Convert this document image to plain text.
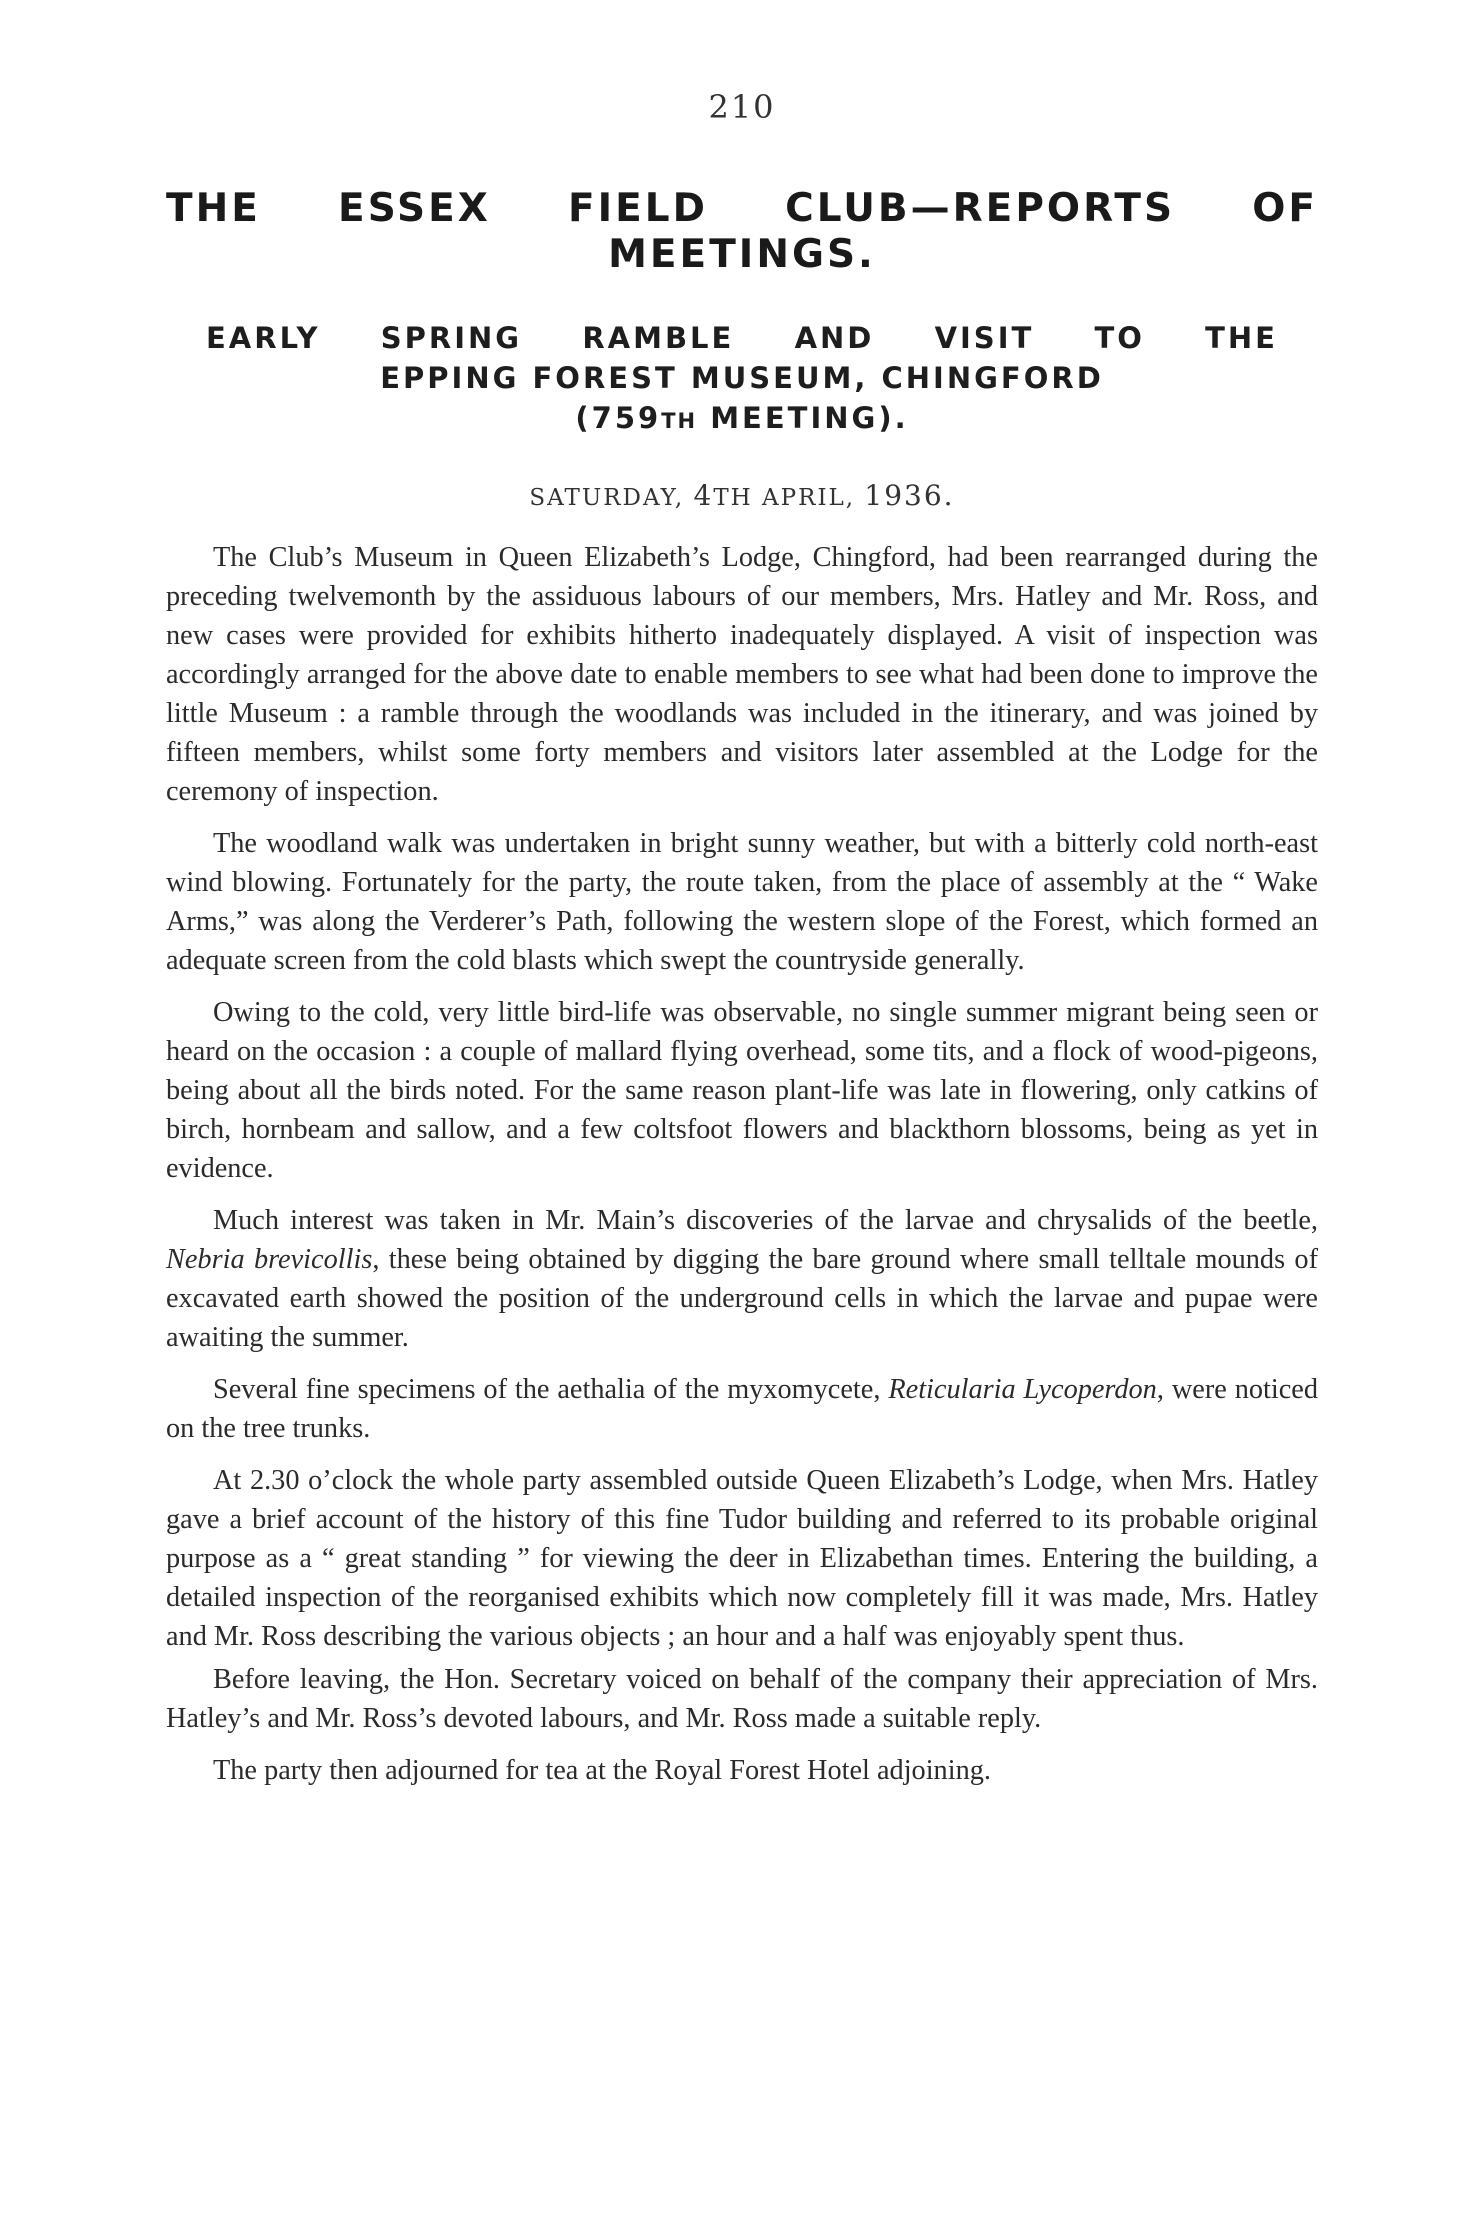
210
THE ESSEX FIELD CLUB—REPORTS OF
MEETINGS.
EARLY SPRING RAMBLE AND VISIT TO THE
EPPING FOREST MUSEUM, CHINGFORD
(759TH MEETING).
SATURDAY, 4TH APRIL, 1936.

The Club’s Museum in Queen Elizabeth’s Lodge, Chingford, had been rearranged during the preceding twelvemonth by the assiduous labours of our members, Mrs. Hatley and Mr. Ross, and new cases were provided for exhibits hitherto inadequately displayed. A visit of inspection was accordingly arranged for the above date to enable members to see what had been done to improve the little Museum : a ramble through the woodlands was included in the itinerary, and was joined by fifteen members, whilst some forty members and visitors later assembled at the Lodge for the ceremony of inspection.

The woodland walk was undertaken in bright sunny weather, but with a bitterly cold north-east wind blowing. Fortunately for the party, the route taken, from the place of assembly at the “ Wake Arms,” was along the Verderer’s Path, following the western slope of the Forest, which formed an adequate screen from the cold blasts which swept the countryside generally.

Owing to the cold, very little bird-life was observable, no single summer migrant being seen or heard on the occasion : a couple of mallard flying overhead, some tits, and a flock of wood-pigeons, being about all the birds noted. For the same reason plant-life was late in flowering, only catkins of birch, hornbeam and sallow, and a few coltsfoot flowers and blackthorn blossoms, being as yet in evidence.

Much interest was taken in Mr. Main’s discoveries of the larvae and chrysalids of the beetle, Nebria brevicollis, these being obtained by digging the bare ground where small telltale mounds of excavated earth showed the position of the underground cells in which the larvae and pupae were awaiting the summer.

Several fine specimens of the aethalia of the myxomycete, Reticularia Lycoperdon, were noticed on the tree trunks.

At 2.30 o’clock the whole party assembled outside Queen Elizabeth’s Lodge, when Mrs. Hatley gave a brief account of the history of this fine Tudor building and referred to its probable original purpose as a “ great standing ” for viewing the deer in Elizabethan times. Entering the building, a detailed inspection of the reorganised exhibits which now completely fill it was made, Mrs. Hatley and Mr. Ross describing the various objects ; an hour and a half was enjoyably spent thus.

Before leaving, the Hon. Secretary voiced on behalf of the company their appreciation of Mrs. Hatley’s and Mr. Ross’s devoted labours, and Mr. Ross made a suitable reply.

The party then adjourned for tea at the Royal Forest Hotel adjoining.
